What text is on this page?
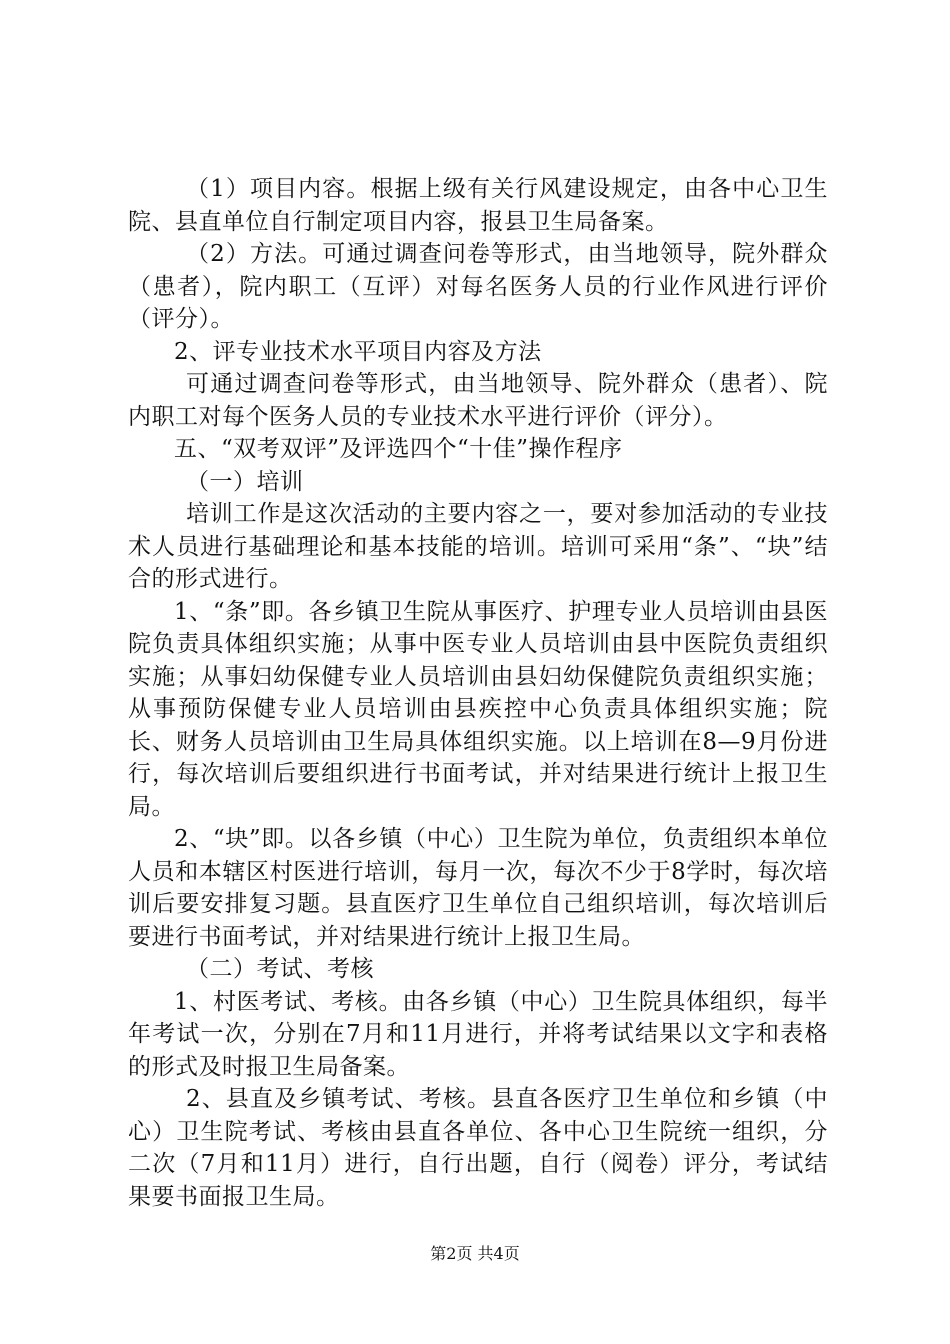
（1）项目内容。根据上级有关行风建设规定，由各中心卫生院、县直单位自行制定项目内容，报县卫生局备案。

（2）方法。可通过调查问卷等形式，由当地领导，院外群众（患者），院内职工（互评）对每名医务人员的行业作风进行评价（评分）。

2、评专业技术水平项目内容及方法

可通过调查问卷等形式，由当地领导、院外群众（患者）、院内职工对每个医务人员的专业技术水平进行评价（评分）。

五、“双考双评”及评选四个“十佳”操作程序

（一）培训

培训工作是这次活动的主要内容之一，要对参加活动的专业技术人员进行基础理论和基本技能的培训。培训可采用“条”、“块”结合的形式进行。

1、“条”即。各乡镇卫生院从事医疗、护理专业人员培训由县医院负责具体组织实施；从事中医专业人员培训由县中医院负责组织实施；从事妇幼保健专业人员培训由县妇幼保健院负责组织实施；从事预防保健专业人员培训由县疾控中心负责具体组织实施；院长、财务人员培训由卫生局具体组织实施。以上培训在8—9月份进行，每次培训后要组织进行书面考试，并对结果进行统计上报卫生局。

2、“块”即。以各乡镇（中心）卫生院为单位，负责组织本单位人员和本辖区村医进行培训，每月一次，每次不少于8学时，每次培训后要安排复习题。县直医疗卫生单位自己组织培训，每次培训后要进行书面考试，并对结果进行统计上报卫生局。

（二）考试、考核

1、村医考试、考核。由各乡镇（中心）卫生院具体组织，每半年考试一次，分别在7月和11月进行，并将考试结果以文字和表格的形式及时报卫生局备案。

2、县直及乡镇考试、考核。县直各医疗卫生单位和乡镇（中心）卫生院考试、考核由县直各单位、各中心卫生院统一组织，分二次（7月和11月）进行，自行出题，自行（阅卷）评分，考试结果要书面报卫生局。

第2页 共4页
